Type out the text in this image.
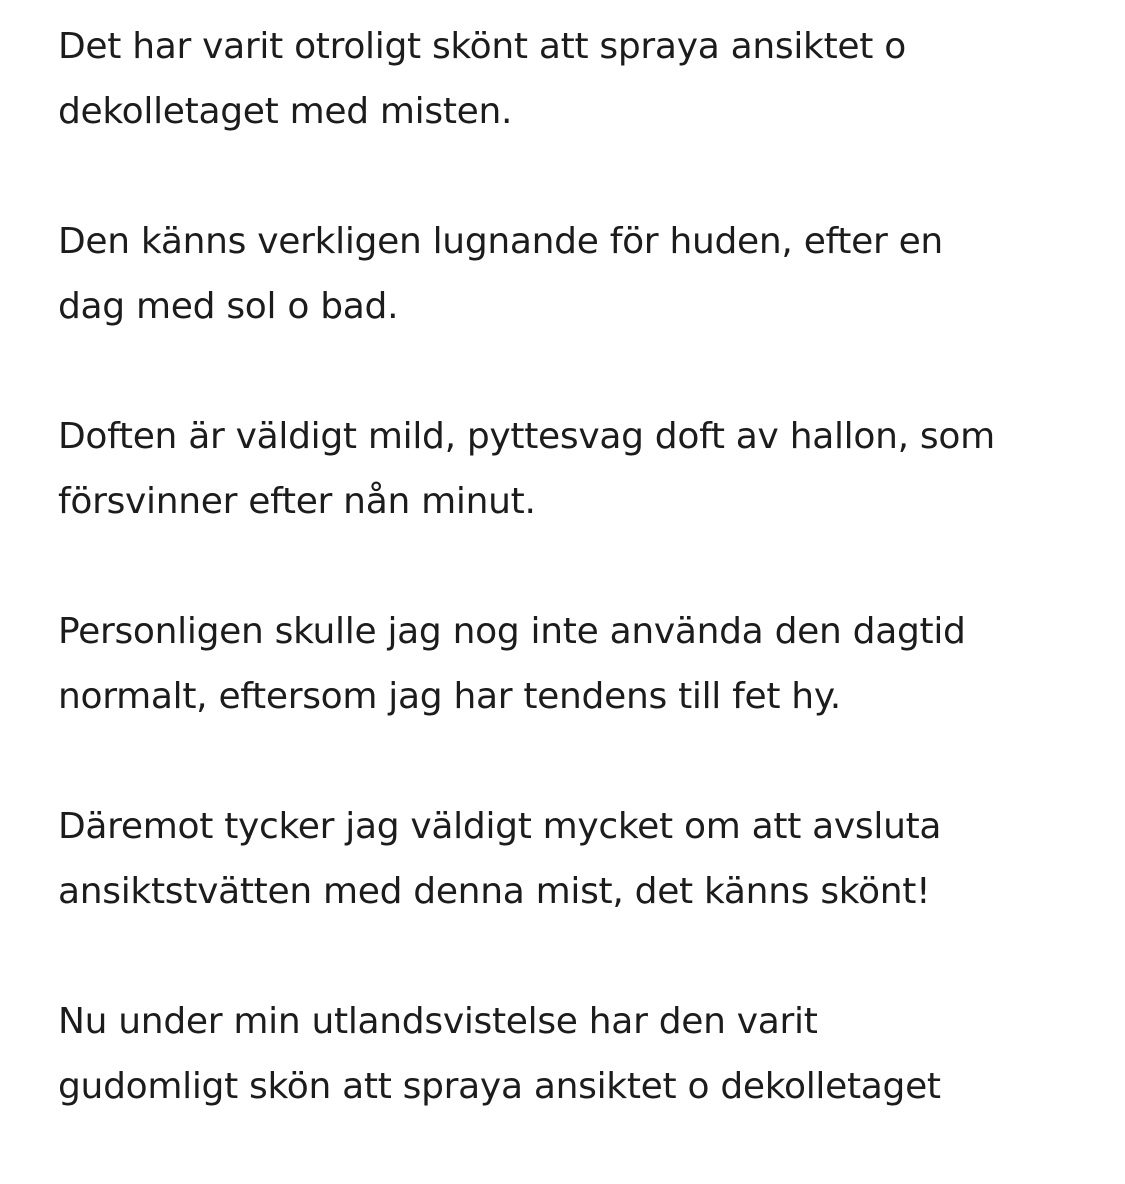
Det har varit otroligt skönt att spraya ansiktet o
dekolletaget med misten.

Den känns verkligen lugnande för huden, efter en
dag med sol o bad.

Doften är väldigt mild, pyttesvag doft av hallon, som
försvinner efter nån minut.

Personligen skulle jag nog inte använda den dagtid
normalt, eftersom jag har tendens till fet hy.

Däremot tycker jag väldigt mycket om att avsluta
ansiktstvätten med denna mist, det känns skönt!

Nu under min utlandsvistelse har den varit
gudomligt skön att spraya ansiktet o dekolletaget
